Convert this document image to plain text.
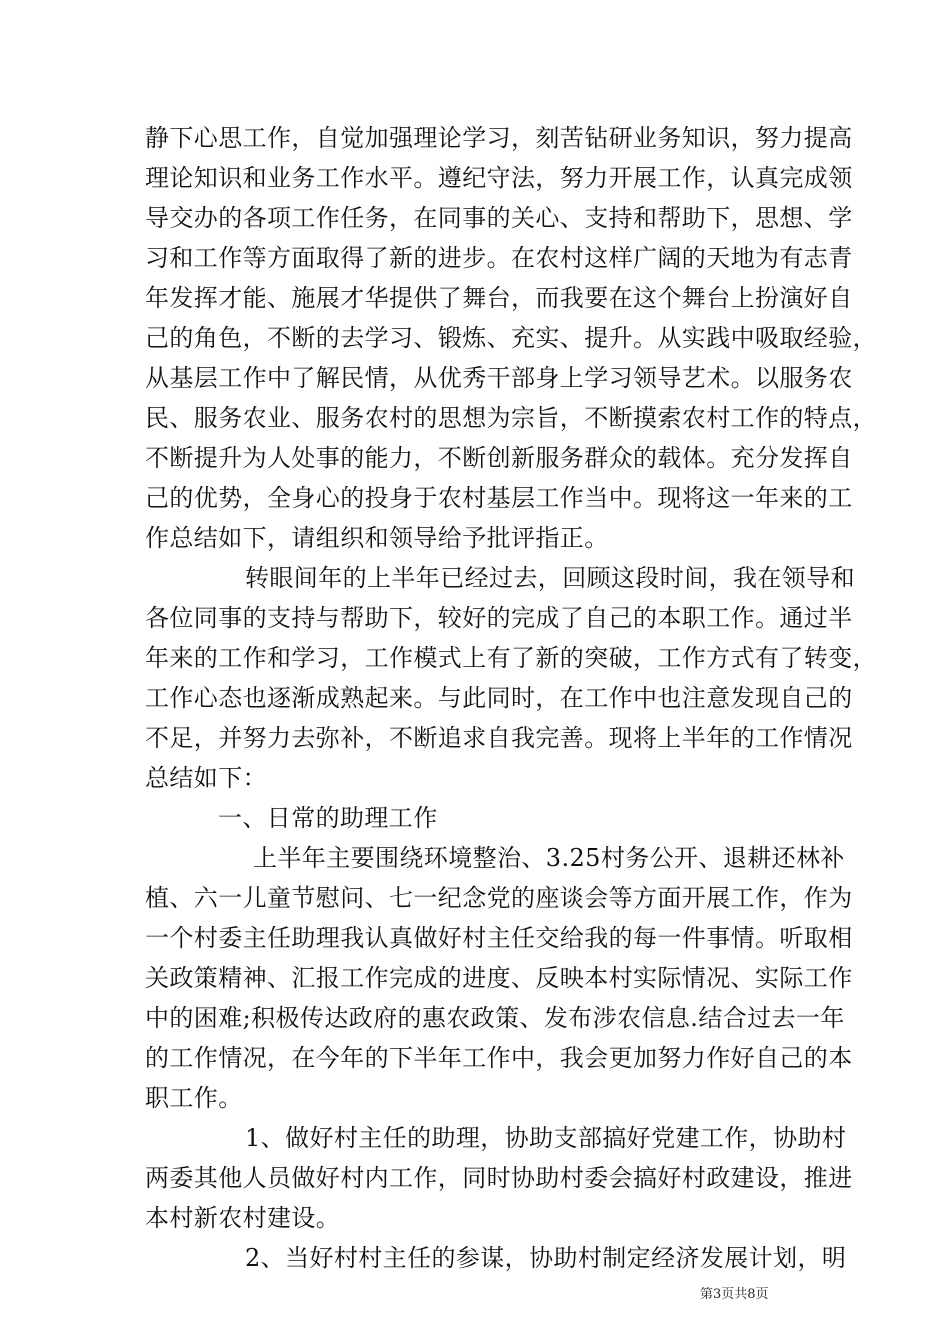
静下心思工作，自觉加强理论学习，刻苦钻研业务知识，努力提高
理论知识和业务工作水平。遵纪守法，努力开展工作，认真完成领
导交办的各项工作任务，在同事的关心、支持和帮助下，思想、学
习和工作等方面取得了新的进步。在农村这样广阔的天地为有志青
年发挥才能、施展才华提供了舞台，而我要在这个舞台上扮演好自
己的角色，不断的去学习、锻炼、充实、提升。从实践中吸取经验，
从基层工作中了解民情，从优秀干部身上学习领导艺术。以服务农
民、服务农业、服务农村的思想为宗旨，不断摸索农村工作的特点，
不断提升为人处事的能力，不断创新服务群众的载体。充分发挥自
己的优势，全身心的投身于农村基层工作当中。现将这一年来的工
作总结如下，请组织和领导给予批评指正。
转眼间年的上半年已经过去，回顾这段时间，我在领导和
各位同事的支持与帮助下，较好的完成了自己的本职工作。通过半
年来的工作和学习，工作模式上有了新的突破，工作方式有了转变，
工作心态也逐渐成熟起来。与此同时，在工作中也注意发现自己的
不足，并努力去弥补，不断追求自我完善。现将上半年的工作情况
总结如下：
一、日常的助理工作
上半年主要围绕环境整治、3.25村务公开、退耕还林补
植、六一儿童节慰问、七一纪念党的座谈会等方面开展工作，作为
一个村委主任助理我认真做好村主任交给我的每一件事情。听取相
关政策精神、汇报工作完成的进度、反映本村实际情况、实际工作
中的困难;积极传达政府的惠农政策、发布涉农信息.结合过去一年
的工作情况，在今年的下半年工作中，我会更加努力作好自己的本
职工作。
1、做好村主任的助理，协助支部搞好党建工作，协助村
两委其他人员做好村内工作，同时协助村委会搞好村政建设，推进
本村新农村建设。
2、当好村村主任的参谋，协助村制定经济发展计划，明
第3页共8页
